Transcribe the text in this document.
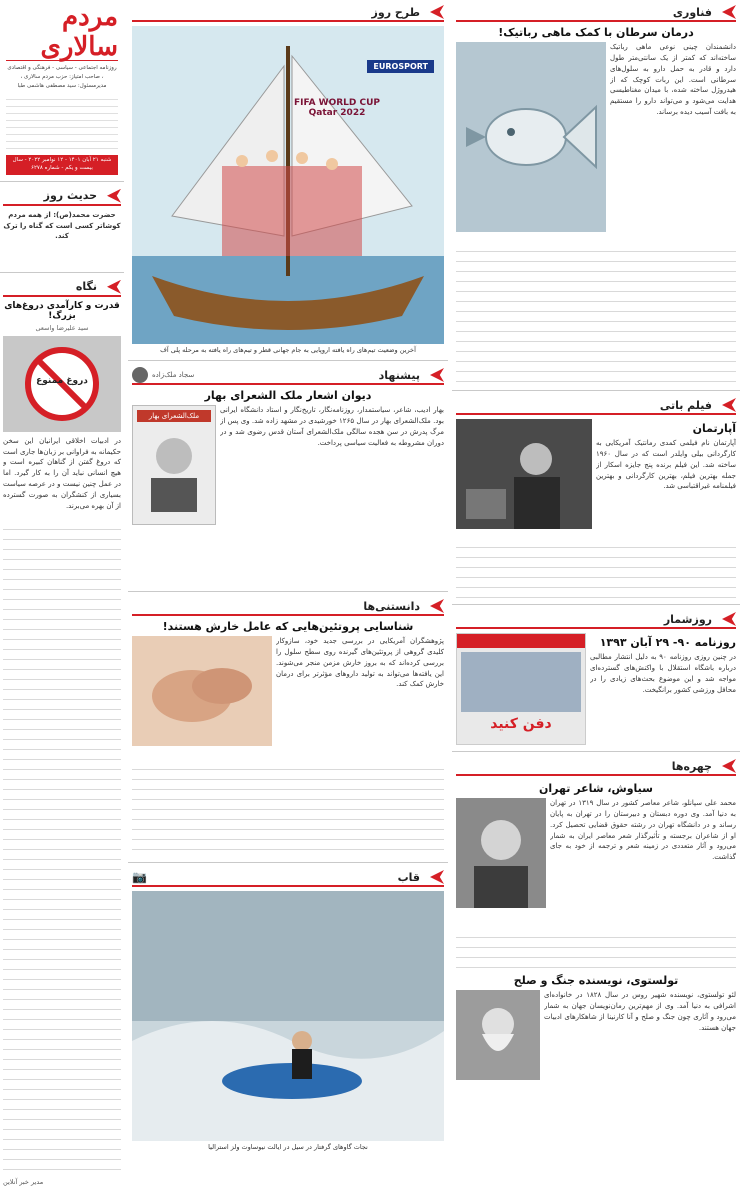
فناوری
درمان سرطان با کمک ماهی رباتیک!
دانشمندان چینی نوعی ماهی رباتیک ساخته‌اند که کمتر از یک سانتی‌متر طول دارد و قادر به حمل دارو به سلول‌های سرطانی است. این ربات کوچک که از هیدروژل ساخته شده، با میدان مغناطیسی هدایت می‌شود و می‌تواند دارو را مستقیم به بافت آسیب دیده برساند.
فیلم باتی
آپارتمان
آپارتمان نام فیلمی کمدی رمانتیک آمریکایی به کارگردانی بیلی وایلدر است که در سال ۱۹۶۰ ساخته شد. این فیلم برنده پنج جایزه اسکار از جمله بهترین فیلم، بهترین کارگردانی و بهترین فیلمنامه غیراقتباسی شد.
روزشمار
روزنامه ۹۰- ۲۹ آبان ۱۳۹۳
در چنین روزی روزنامه ۹۰ به دلیل انتشار مطالبی درباره باشگاه استقلال با واکنش‌های گسترده‌ای مواجه شد و این موضوع بحث‌های زیادی را در محافل ورزشی کشور برانگیخت.
دفن کنید
چهره‌ها
سیاوش، شاعر تهران
محمد علی سپانلو، شاعر معاصر کشور در سال ۱۳۱۹ در تهران به دنیا آمد. وی دوره دبستان و دبیرستان را در تهران به پایان رساند و در دانشگاه تهران در رشته حقوق قضایی تحصیل کرد. او از شاعران برجسته و تأثیرگذار شعر معاصر ایران به شمار می‌رود و آثار متعددی در زمینه شعر و ترجمه از خود به جای گذاشت.
تولستوی، نویسنده جنگ و صلح
لئو تولستوی، نویسنده شهیر روس در سال ۱۸۲۸ در خانواده‌ای اشرافی به دنیا آمد. وی از مهم‌ترین رمان‌نویسان جهان به شمار می‌رود و آثاری چون جنگ و صلح و آنا کارنینا از شاهکارهای ادبیات جهان هستند.
طرح روز
EUROSPORT
FIFA WORLD CUP Qatar 2022
آخرین وضعیت تیم‌های راه یافته اروپایی به جام جهانی قطر و تیم‌های راه یافته به مرحله پلی آف
پیشنهاد
سجاد ملک‌زاده
دیوان اشعار ملک الشعرای بهار
بهار ادیب، شاعر، سیاستمدار، روزنامه‌نگار، تاریخ‌نگار و استاد دانشگاه ایرانی بود. ملک‌الشعرای بهار در سال ۱۲۶۵ خورشیدی در مشهد زاده شد. وی پس از مرگ پدرش در سن هجده سالگی ملک‌الشعرای آستان قدس رضوی شد و در دوران مشروطه به فعالیت سیاسی پرداخت.
ملک‌الشعرای بهار
دانستنی‌ها
شناسایی پروتئین‌هایی که عامل خارش هستند!
پژوهشگران آمریکایی در بررسی جدید خود، سازوکار کلیدی گروهی از پروتئین‌های گیرنده روی سطح سلول را بررسی کرده‌اند که به بروز خارش مزمن منجر می‌شوند. این یافته‌ها می‌تواند به تولید داروهای مؤثرتر برای درمان خارش کمک کند.
قاب
📷
نجات گاوهای گرفتار در سیل در ایالت نیوساوت ولز استرالیا
مردم سالاری
روزنامه اجتماعی - سیاسی - فرهنگی و اقتصادی ، صاحب امتیاز: حزب مردم سالاری ، مدیرمسئول: سید مصطفی هاشمی طبا
شنبه ۲۱ آبان ۱۴۰۱ - ۱۲ نوامبر ۲۰۲۲ - سال بیست و یکم - شماره ۶۲۷۸
حدیث روز
حضرت محمد(ص): از همه مردم کوشاتر کسی است که گناه را ترک کند.
نگاه
قدرت و کارآمدی دروغ‌های بزرگ!
سید علیرضا واسعی
دروغ ممنوع
در ادبیات اخلاقی ایرانیان این سخن حکیمانه به فراوانی بر زبان‌ها جاری است که دروغ گفتن از گناهان کبیره است و هیچ انسانی نباید آن را به کار گیرد. اما در عمل چنین نیست و در عرصه سیاست بسیاری از کنشگران به صورت گسترده از آن بهره می‌برند.
مدیر خبر آنلاین
